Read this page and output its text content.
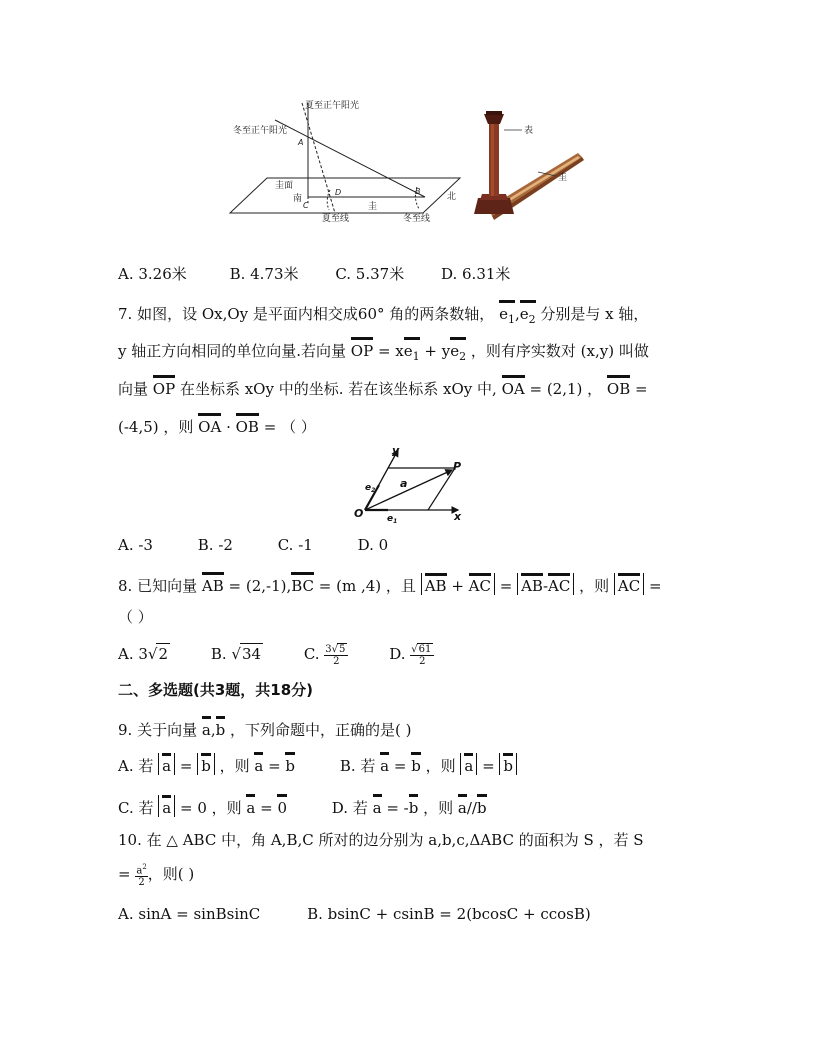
夏至正午阳光
冬至正午阳光
A
B
C
D
圭面
南	北
圭
夏至线	冬至线
表
圭
A. 3.26米	B. 4.73米 C. 5.37米 D. 6.31米
7. 如图，设 Ox,Oy 是平面内相交成60° 角的两条数轴， $e_1,e_2$ 分别是与 x 轴，
y 轴正方向相同的单位向量.若向量 OP = $xe_1 + ye_2$ ，则有序实数对 (x,y) 叫做
向量 OP 在坐标系 xOy 中的坐标. 若在该坐标系 xOy 中, OA = (2,1) ， OB =
(-4,5) ，则 OA · OB = （ ）
y
x
O
P
a
$e_1$
$e_2$
A. -3	B. -2	C. -1	D. 0
8. 已知向量 AB = (2,-1),BC = (m ,4) ，且 AB + AC = AB-AC ，则 AC =
（ ）
A. 3√2	B. √34	C. $\frac{3√5}{2}$	D. $\frac{√61}{2}$
二、多选题(共3题，共18分)
9. 关于向量 a,b ，下列命题中，正确的是( )
A. 若 a = b ，则 a = b	B. 若 a = b ，则 a = b
C. 若 a = 0 ，则 a = 0	D. 若 a = -b ，则 a//b
10. 在 △ ABC 中，角 A,B,C 所对的边分别为 a,b,c,ΔABC 的面积为 S ，若 S
= $\frac{a^2}{2}$ ，则( )
A. sinA = sinBsinC	B. bsinC + csinB = 2(bcosC + ccosB)
